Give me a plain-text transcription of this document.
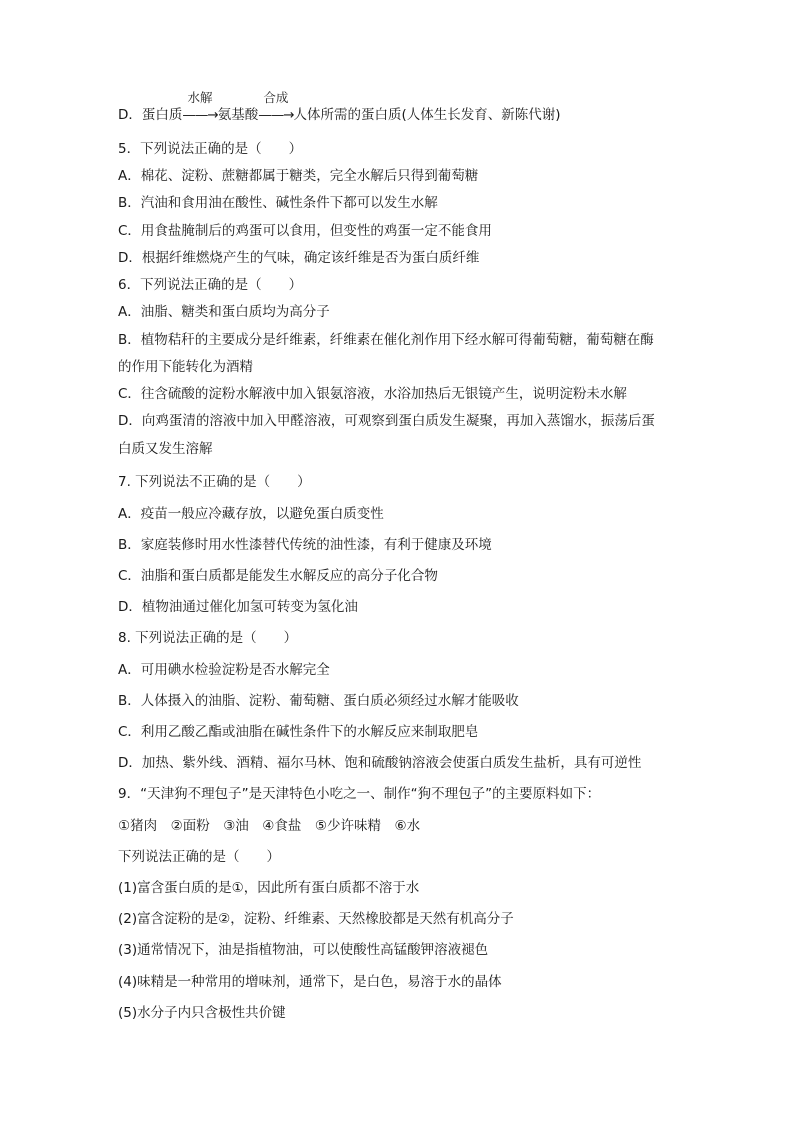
D．蛋白质
水解
——→氨基酸
合成
——→人体所需的蛋白质(人体生长发育、新陈代谢)
5．下列说法正确的是（　　）
A．棉花、淀粉、蔗糖都属于糖类，完全水解后只得到葡萄糖
B．汽油和食用油在酸性、碱性条件下都可以发生水解
C．用食盐腌制后的鸡蛋可以食用，但变性的鸡蛋一定不能食用
D．根据纤维燃烧产生的气味，确定该纤维是否为蛋白质纤维
6．下列说法正确的是（　　）
A．油脂、糖类和蛋白质均为高分子
B．植物秸秆的主要成分是纤维素，纤维素在催化剂作用下经水解可得葡萄糖，葡萄糖在酶
的作用下能转化为酒精
C．往含硫酸的淀粉水解液中加入银氨溶液，水浴加热后无银镜产生，说明淀粉未水解
D．向鸡蛋清的溶液中加入甲醛溶液，可观察到蛋白质发生凝聚，再加入蒸馏水，振荡后蛋
白质又发生溶解
7. 下列说法不正确的是（　　）
A．疫苗一般应冷藏存放，以避免蛋白质变性
B．家庭装修时用水性漆替代传统的油性漆，有利于健康及环境
C．油脂和蛋白质都是能发生水解反应的高分子化合物
D．植物油通过催化加氢可转变为氢化油
8. 下列说法正确的是（　　）
A．可用碘水检验淀粉是否水解完全
B．人体摄入的油脂、淀粉、葡萄糖、蛋白质必须经过水解才能吸收
C．利用乙酸乙酯或油脂在碱性条件下的水解反应来制取肥皂
D．加热、紫外线、酒精、福尔马林、饱和硫酸钠溶液会使蛋白质发生盐析，具有可逆性
9．“天津狗不理包子”是天津特色小吃之一、制作“狗不理包子”的主要原料如下：
①猪肉　②面粉　③油　④食盐　⑤少许味精　⑥水
下列说法正确的是（　　）
(1)富含蛋白质的是①，因此所有蛋白质都不溶于水
(2)富含淀粉的是②，淀粉、纤维素、天然橡胶都是天然有机高分子
(3)通常情况下，油是指植物油，可以使酸性高锰酸钾溶液褪色
(4)味精是一种常用的增味剂，通常下，是白色，易溶于水的晶体
(5)水分子内只含极性共价键
